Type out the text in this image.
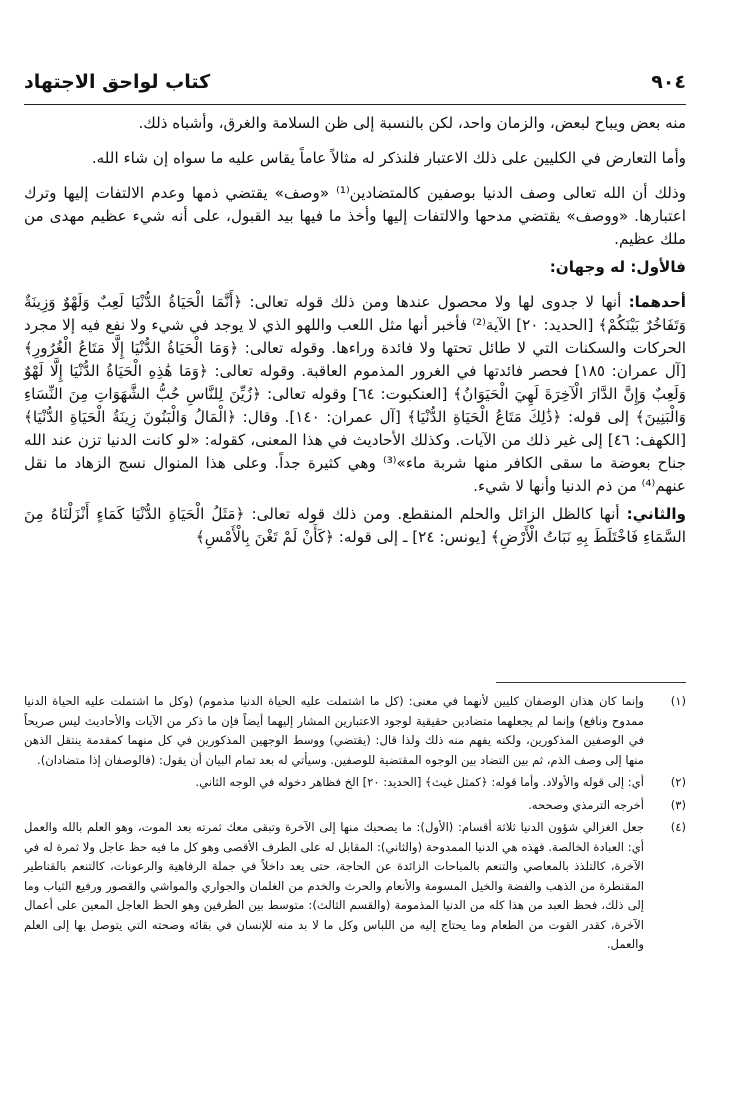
٩٠٤
كتاب لواحق الاجتهاد

منه بعض ويباح لبعض، والزمان واحد، لكن بالنسبة إلى ظن السلامة والغرق، وأشباه ذلك.

وأما التعارض في الكليين على ذلك الاعتبار فلنذكر له مثالاً عاماً يقاس عليه ما سواه إن شاء الله.

وذلك أن الله تعالى وصف الدنيا بوصفين كالمتضادين⁽¹⁾ «وصف» يقتضي ذمها وعدم الالتفات إليها وترك اعتبارها. «ووصف» يقتضي مدحها والالتفات إليها وأخذ ما فيها بيد القبول، على أنه شيء عظيم مهدى من ملك عظيم.

فالأول: له وجهان:

أحدهما: أنها لا جدوى لها ولا محصول عندها ومن ذلك قوله تعالى: ﴿أَنَّمَا الْحَيَاةُ الدُّنْيَا لَعِبٌ وَلَهْوٌ وَزِينَةٌ وَتَفَاخُرٌ بَيْنَكُمْ﴾ [الحديد: ٢٠] الآية⁽²⁾ فأخبر أنها مثل اللعب واللهو الذي لا يوجد في شيء ولا نفع فيه إلا مجرد الحركات والسكنات التي لا طائل تحتها ولا فائدة وراءها. وقوله تعالى: ﴿وَمَا الْحَيَاةُ الدُّنْيَا إِلَّا مَتَاعُ الْغُرُورِ﴾ [آل عمران: ١٨٥] فحصر فائدتها في الغرور المذموم العاقبة. وقوله تعالى: ﴿وَمَا هَٰذِهِ الْحَيَاةُ الدُّنْيَا إِلَّا لَهْوٌ وَلَعِبٌ وَإِنَّ الدَّارَ الْآخِرَةَ لَهِيَ الْحَيَوَانُ﴾ [العنكبوت: ٦٤] وقوله تعالى: ﴿زُيِّنَ لِلنَّاسِ حُبُّ الشَّهَوَاتِ مِنَ النِّسَاءِ وَالْبَنِينَ﴾ إلى قوله: ﴿ذَٰلِكَ مَتَاعُ الْحَيَاةِ الدُّنْيَا﴾ [آل عمران: ١٤٠]. وقال: ﴿الْمَالُ وَالْبَنُونَ زِينَةُ الْحَيَاةِ الدُّنْيَا﴾ [الكهف: ٤٦] إلى غير ذلك من الآيات. وكذلك الأحاديث في هذا المعنى، كقوله: «لو كانت الدنيا تزن عند الله جناح بعوضة ما سقى الكافر منها شربة ماء»⁽³⁾ وهي كثيرة جداً. وعلى هذا المنوال نسج الزهاد ما نقل عنهم⁽⁴⁾ من ذم الدنيا وأنها لا شيء.

والثاني: أنها كالظل الزائل والحلم المنقطع. ومن ذلك قوله تعالى: ﴿مَثَلُ الْحَيَاةِ الدُّنْيَا كَمَاءٍ أَنْزَلْنَاهُ مِنَ السَّمَاءِ فَاخْتَلَطَ بِهِ نَبَاتُ الْأَرْضِ﴾ [يونس: ٢٤] ـ إلى قوله: ﴿كَأَنْ لَمْ تَغْنَ بِالْأَمْسِ﴾

(١)
وإنما كان هذان الوصفان كليين لأنهما في معنى: (كل ما اشتملت عليه الحياة الدنيا مذموم) (وكل ما اشتملت عليه الحياة الدنيا ممدوح ونافع) وإنما لم يجعلهما متضادين حقيقية لوجود الاعتبارين المشار إليهما أيضاً فإن ما ذكر من الآيات والأحاديث ليس صريحاً في الوصفين المذكورين، ولكنه يفهم منه ذلك ولذا قال: (يقتضي) ووسط الوجهين المذكورين في كل منهما كمقدمة ينتقل الذهن منها إلى وصف الذم، ثم بين التضاد بين الوجوه المقتضية للوصفين. وسيأتي له بعد تمام البيان أن يقول: (فالوصفان إذا متضادان).
(٢)
أي: إلى قوله والأولاد. وأما قوله: ﴿كمثل غيث﴾ [الحديد: ٢٠] الخ فظاهر دخوله في الوجه الثاني.
(٣)
أخرجه الترمذي وصححه.
(٤)
جعل الغزالي شؤون الدنيا ثلاثة أقسام: (الأول): ما يصحبك منها إلى الآخرة وتبقى معك ثمرته بعد الموت، وهو العلم بالله والعمل أي: العبادة الخالصة. فهذه هي الدنيا الممدوحة (والثاني): المقابل له على الطرف الأقصى وهو كل ما فيه حظ عاجل ولا ثمرة له في الآخرة، كالتلذذ بالمعاصي والتنعم بالمباحات الزائدة عن الحاجة، حتى يعد داخلاً في جملة الرفاهية والرعونات، كالتنعم بالقناطير المقنطرة من الذهب والفضة والخيل المسومة والأنعام والحرث والخدم من الغلمان والجواري والمواشي والقصور ورفيع الثياب وما إلى ذلك، فحظ العبد من هذا كله من الدنيا المذمومة (والقسم الثالث): متوسط بين الطرفين وهو الحظ العاجل المعين على أعمال الآخرة، كقدر القوت من الطعام وما يحتاج إليه من اللباس وكل ما لا بد منه للإنسان في بقائه وصحته التي يتوصل بها إلى العلم والعمل.
